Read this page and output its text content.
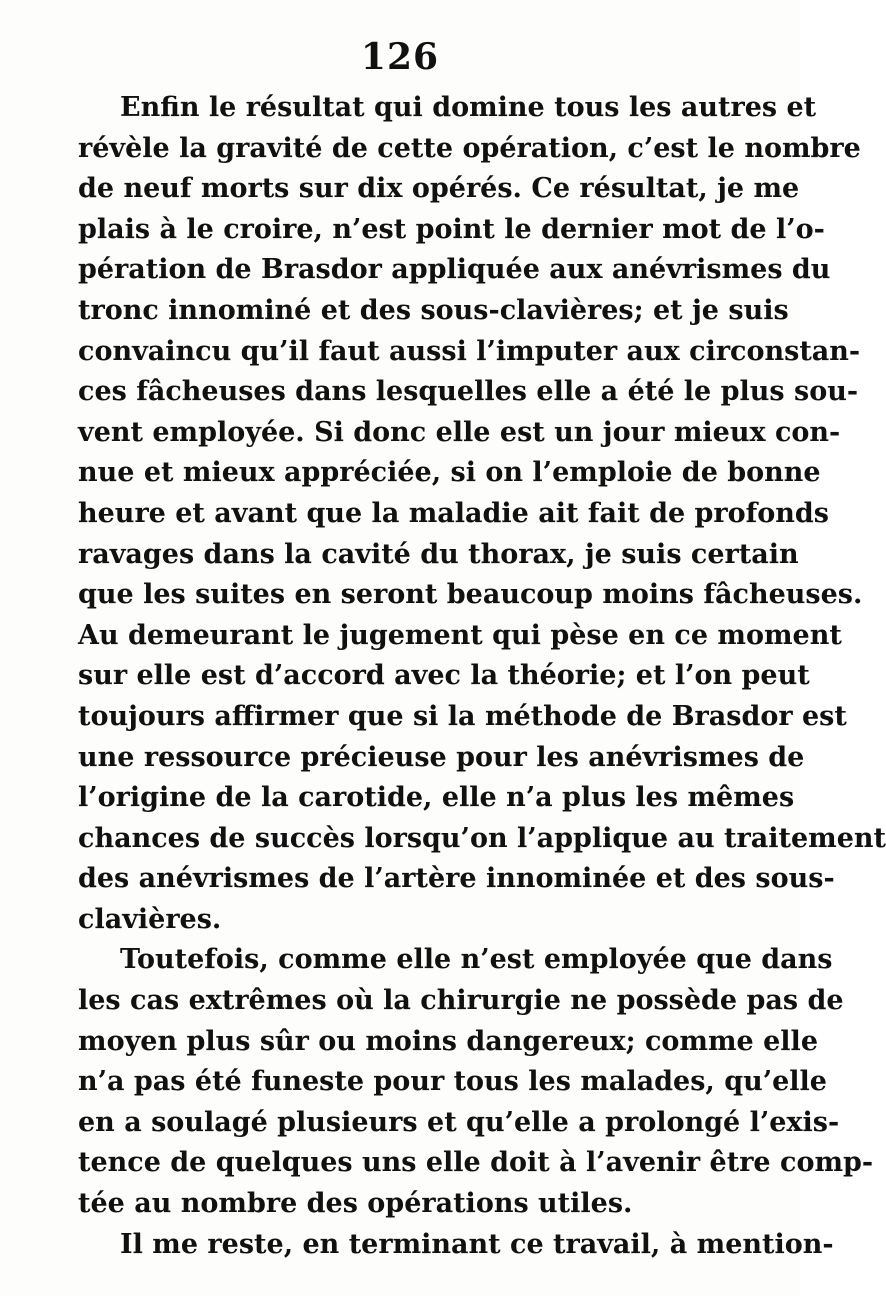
126
Enfin le résultat qui domine tous les autres et
révèle la gravité de cette opération, c’est le nombre
de neuf morts sur dix opérés. Ce résultat, je me
plais à le croire, n’est point le dernier mot de l’o-
pération de Brasdor appliquée aux anévrismes du
tronc innominé et des sous-clavières; et je suis
convaincu qu’il faut aussi l’imputer aux circonstan-
ces fâcheuses dans lesquelles elle a été le plus sou-
vent employée. Si donc elle est un jour mieux con-
nue et mieux appréciée, si on l’emploie de bonne
heure et avant que la maladie ait fait de profonds
ravages dans la cavité du thorax, je suis certain
que les suites en seront beaucoup moins fâcheuses.
Au demeurant le jugement qui pèse en ce moment
sur elle est d’accord avec la théorie; et l’on peut
toujours affirmer que si la méthode de Brasdor est
une ressource précieuse pour les anévrismes de
l’origine de la carotide, elle n’a plus les mêmes
chances de succès lorsqu’on l’applique au traitement
des anévrismes de l’artère innominée et des sous-
clavières.
Toutefois, comme elle n’est employée que dans
les cas extrêmes où la chirurgie ne possède pas de
moyen plus sûr ou moins dangereux; comme elle
n’a pas été funeste pour tous les malades, qu’elle
en a soulagé plusieurs et qu’elle a prolongé l’exis-
tence de quelques uns elle doit à l’avenir être comp-
tée au nombre des opérations utiles.
Il me reste, en terminant ce travail, à mention-
